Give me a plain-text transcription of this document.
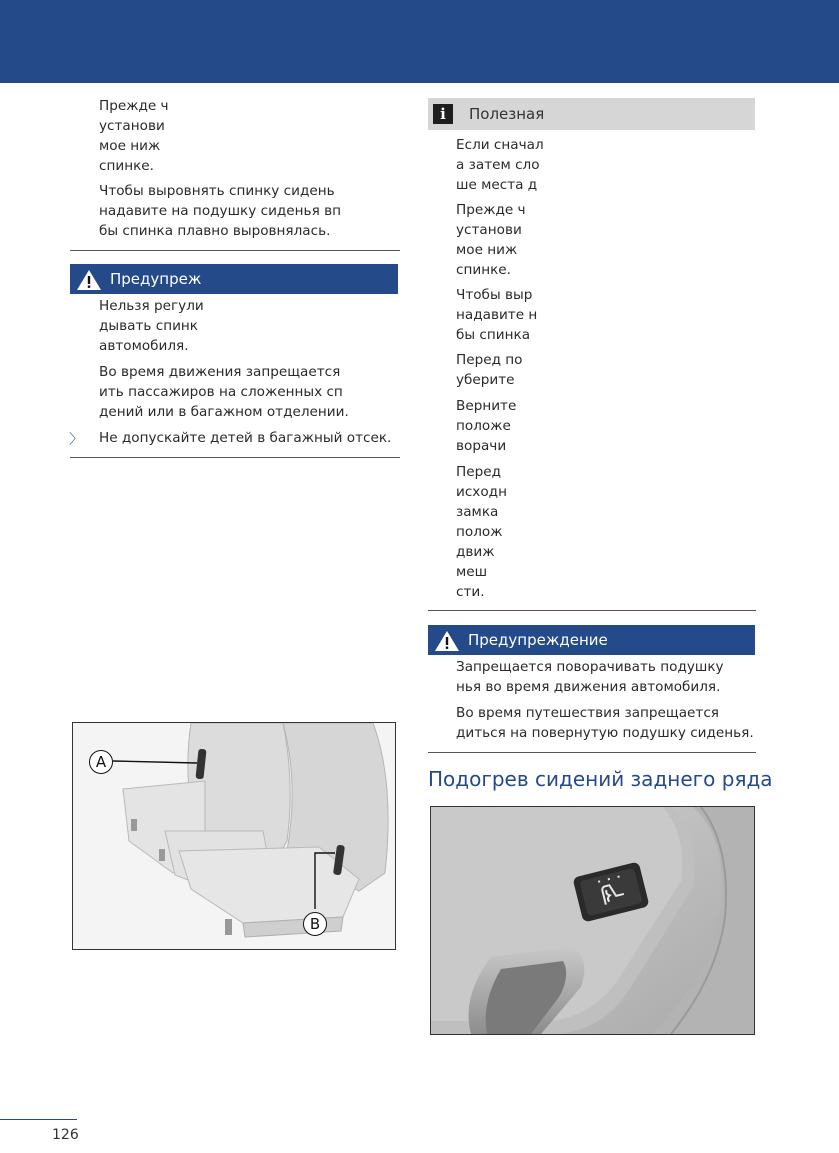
Прежде ч
установи
мое ниж
спинке.
Чтобы выровнять спинку сидень
надавите на подушку сиденья вп
бы спинка плавно выровнялась.
Предупреж
Нельзя регули
дывать спинк
автомобиля.
Во время движения запрещается
ить пассажиров на сложенных сп
дений или в багажном отделении.
〉 Не допускайте детей в багажный отсек.
A
B
i	Полезная
Если сначал
а затем сло
ше места д
Прежде ч
установи
мое ниж
спинке.
Чтобы выр
надавите н
бы спинка
Перед по
уберите
Верните
положе
ворачи
Перед
исходн
замка
полож
движ
меш
сти.
Предупреждение
Запрещается поворачивать подушку
нья во время движения автомобиля.
Во время путешествия запрещается
диться на повернутую подушку сиденья.
Подогрев сидений заднего ряда
126
